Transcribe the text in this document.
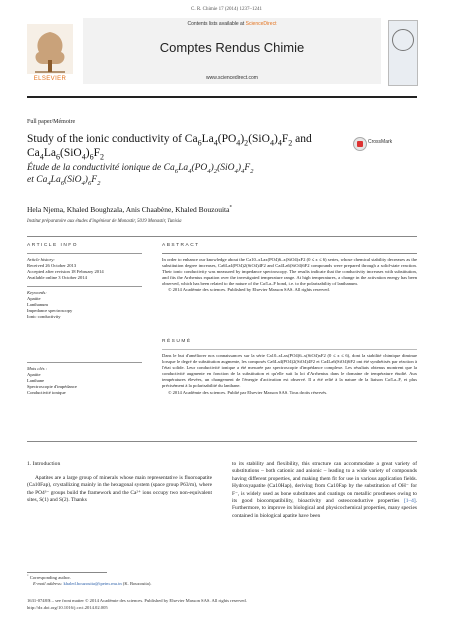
C. R. Chimie 17 (2014) 1237–1241
ELSEVIER
Contents lists available at ScienceDirect
Comptes Rendus Chimie
www.sciencedirect.com
Full paper/Mémoire
Study of the ionic conductivity of $Ca_6La_4(PO_4)_2(SiO_4)_4F_2$ and $Ca_4La_6(SiO_4)_6F_2$
CrossMark
Étude de la conductivité ionique de $Ca_6La_4(PO_4)_2(SiO_4)_4F_2$
et $Ca_4La_6(SiO_4)_6F_2$
Hela Njema, Khaled Boughzala, Anis Chaabène, Khaled Bouzouita*
Institut préparatoire aux études d'ingénieur de Monastir, 5019 Monastir, Tunisia
ARTICLE INFO
Article history:
Received 26 October 2013
Accepted after revision 18 February 2014
Available online 3 October 2014
Keywords:
Apatite
Lanthanum
Impedance spectroscopy
Ionic conductivity
Mots clés :
Apatite
Lanthane
Spectroscopie d'impédance
Conductivité ionique
ABSTRACT
In order to enhance our knowledge about the Ca10–xLax(PO4)6–x(SiO4)xF2 (0 ≤ x ≤ 6) series, whose chemical stability decreases as the substitution degree increases, Ca6La4(PO4)2(SiO4)4F2 and Ca4La6(SiO4)6F2 compounds were prepared through a solid-state reaction. Their ionic conductivity was measured by impedance spectroscopy. The results indicate that the conductivity increases with substitution, and fits the Arrhenius equation over the investigated temperature range. At high temperatures, a change in the activation energy has been observed, which has been related to the nature of the Ca/La–F bond, i.e. to the polarizability of lanthanum.
© 2014 Académie des sciences. Published by Elsevier Masson SAS. All rights reserved.
RÉSUMÉ
Dans le but d'améliorer nos connaissances sur la série Ca10–xLax(PO4)6–x(SiO4)xF2 (0 ≤ x ≤ 6), dont la stabilité chimique diminue lorsque le degré de substitution augmente, les composés Ca6La4(PO4)2(SiO4)4F2 et Ca4La6(SiO4)6F2 ont été synthétisés par réaction à l'état solide. Leur conductivité ionique a été mesurée par spectroscopie d'impédance complexe. Les résultats obtenus montrent que la conductivité augmente en fonction de la substitution et qu'elle suit la loi d'Arrhenius dans le domaine de température étudié. Aux températures élevées, un changement de l'énergie d'activation est observé. Il a été relié à la nature de la liaison Ca/La–F, et plus précisément à la polarisabilité du lanthane.
© 2014 Académie des sciences. Publié par Elsevier Masson SAS. Tous droits réservés.
1. Introduction
Apatites are a large group of minerals whose main representative is fluoroapatite (Ca10Fap), crystallizing mainly in the hexagonal system (space group P63/m), where the PO4³⁻ groups build the framework and the Ca²⁺ ions occupy two non-equivalent sites, S(1) and S(2). Thanks
to its stability and flexibility, this structure can accommodate a great variety of substitutions – both cationic and anionic – leading to a wide variety of compounds having different properties, and making them fit for use in various application fields. Hydroxyapatite (Ca10Hap), deriving from Ca10Fap by the substitution of OH⁻ for F⁻, is widely used as bone substitutes and coatings on metallic prostheses owing to its good biocompatibility, bioactivity and osteoconductive properties [1–4]. Furthermore, to improve its biological and physicochemical properties, many species contained in biological apatite have been
* Corresponding author.
E-mail address: khaled.bouzouita@ipeim.rnu.tn (K. Bouzouita).
1631-0748/$ – see front matter © 2014 Académie des sciences. Published by Elsevier Masson SAS. All rights reserved.
http://dx.doi.org/10.1016/j.crci.2014.02.005
